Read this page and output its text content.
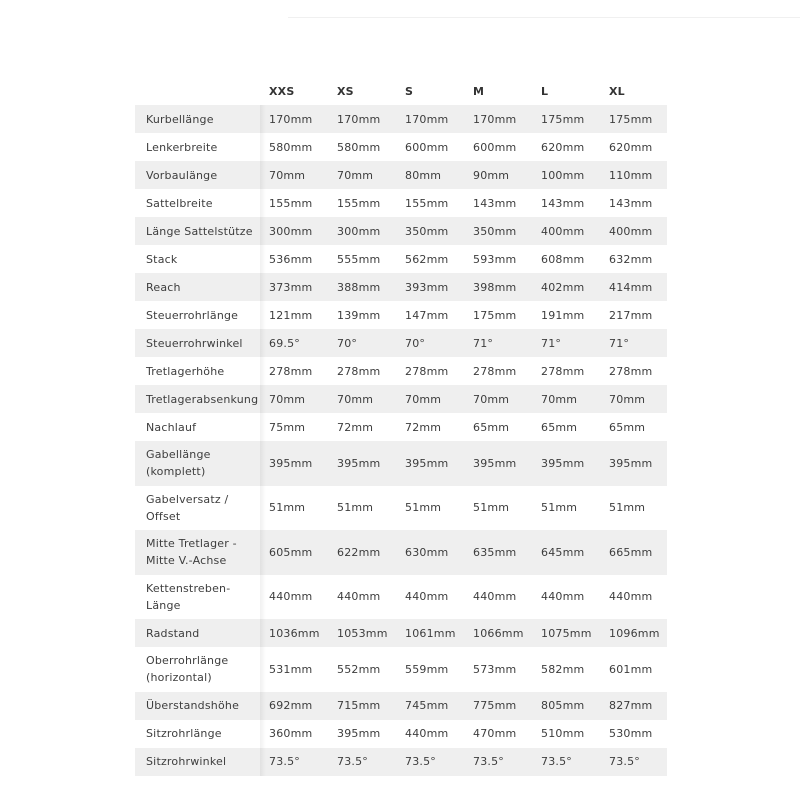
	XXS	XS	S	M	L	XL
Kurbellänge	170mm	170mm	170mm	170mm	175mm	175mm
Lenkerbreite	580mm	580mm	600mm	600mm	620mm	620mm
Vorbaulänge	70mm	70mm	80mm	90mm	100mm	110mm
Sattelbreite	155mm	155mm	155mm	143mm	143mm	143mm
Länge Sattelstütze	300mm	300mm	350mm	350mm	400mm	400mm
Stack	536mm	555mm	562mm	593mm	608mm	632mm
Reach	373mm	388mm	393mm	398mm	402mm	414mm
Steuerrohrlänge	121mm	139mm	147mm	175mm	191mm	217mm
Steuerrohrwinkel	69.5°	70°	70°	71°	71°	71°
Tretlagerhöhe	278mm	278mm	278mm	278mm	278mm	278mm
Tretlagerabsenkung	70mm	70mm	70mm	70mm	70mm	70mm
Nachlauf	75mm	72mm	72mm	65mm	65mm	65mm
Gabellänge (komplett)	395mm	395mm	395mm	395mm	395mm	395mm
Gabelversatz / Offset	51mm	51mm	51mm	51mm	51mm	51mm
Mitte Tretlager - Mitte V.-Achse	605mm	622mm	630mm	635mm	645mm	665mm
Kettenstreben-Länge	440mm	440mm	440mm	440mm	440mm	440mm
Radstand	1036mm	1053mm	1061mm	1066mm	1075mm	1096mm
Oberrohrlänge (horizontal)	531mm	552mm	559mm	573mm	582mm	601mm
Überstandshöhe	692mm	715mm	745mm	775mm	805mm	827mm
Sitzrohrlänge	360mm	395mm	440mm	470mm	510mm	530mm
Sitzrohrwinkel	73.5°	73.5°	73.5°	73.5°	73.5°	73.5°
